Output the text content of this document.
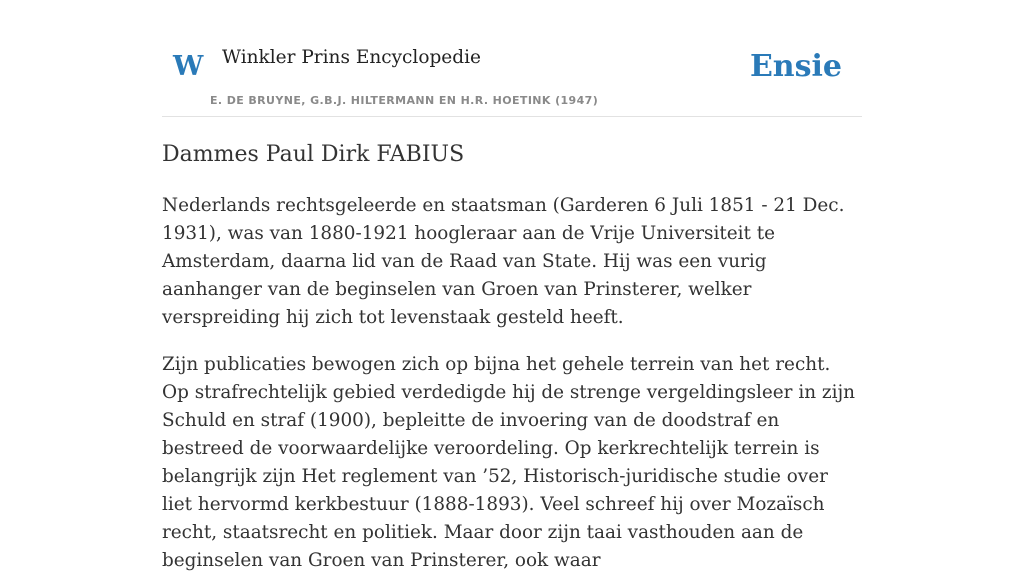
W Winkler Prins Encyclopedie
E. DE BRUYNE, G.B.J. HILTERMANN EN H.R. HOETINK (1947)
Ensie
Dammes Paul Dirk FABIUS

Nederlands rechtsgeleerde en staatsman (Garderen 6 Juli 1851 - 21 Dec. 1931), was van 1880-1921 hoogleraar aan de Vrije Universiteit te Amsterdam, daarna lid van de Raad van State. Hij was een vurig aanhanger van de beginselen van Groen van Prinsterer, welker verspreiding hij zich tot levenstaak gesteld heeft.

Zijn publicaties bewogen zich op bijna het gehele terrein van het recht. Op strafrechtelijk gebied verdedigde hij de strenge vergeldingsleer in zijn Schuld en straf (1900), bepleitte de invoering van de doodstraf en bestreed de voorwaardelijke veroordeling. Op kerkrechtelijk terrein is belangrijk zijn Het reglement van ’52, Historisch-juridische studie over liet hervormd kerkbestuur (1888-1893). Veel schreef hij over Mozaïsch recht, staatsrecht en politiek. Maar door zijn taai vasthouden aan de beginselen van Groen van Prinsterer, ook waar
